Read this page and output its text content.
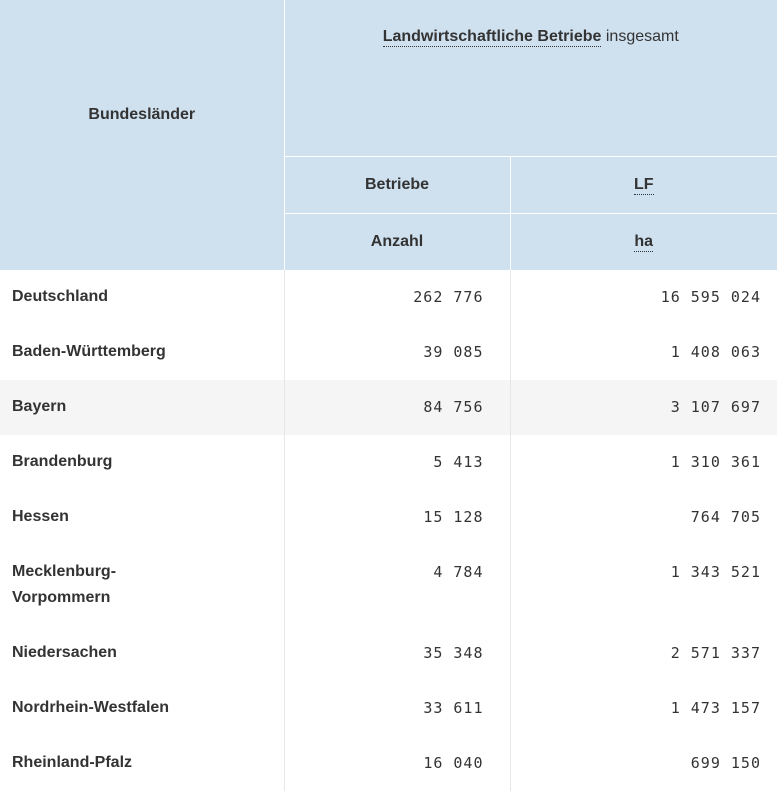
Bundesländer	Landwirtschaftliche Betriebe insgesamt	
	Betriebe	LF
	Anzahl	ha
Deutschland	262 776	16 595 024
Baden-Württemberg	39 085	1 408 063
Bayern	84 756	3 107 697
Brandenburg	5 413	1 310 361
Hessen	15 128	764 705
Mecklenburg-
Vorpommern	4 784	1 343 521
Niedersachen	35 348	2 571 337
Nordrhein-Westfalen	33 611	1 473 157
Rheinland-Pfalz	16 040	699 150
